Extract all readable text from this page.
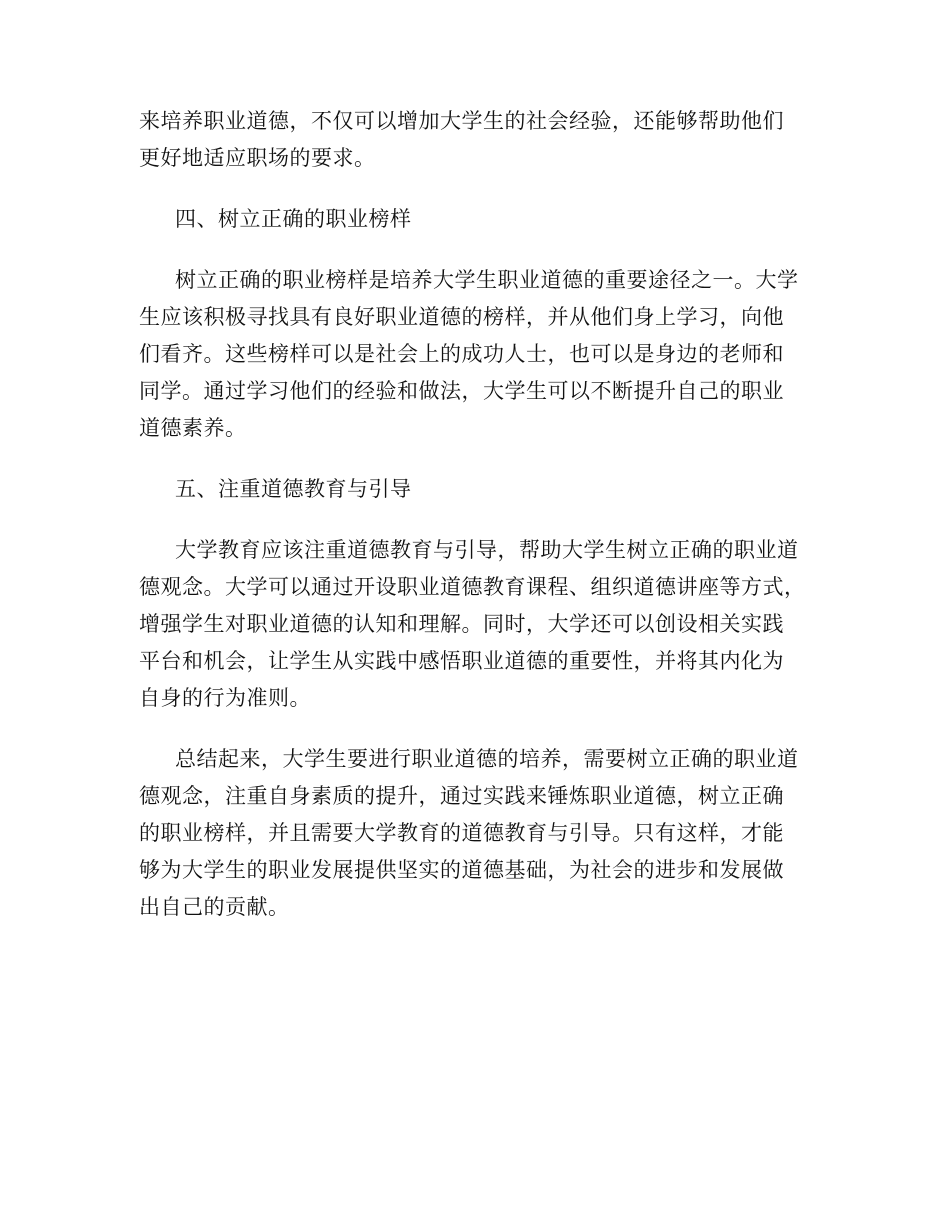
来培养职业道德，不仅可以增加大学生的社会经验，还能够帮助他们
更好地适应职场的要求。

四、树立正确的职业榜样

树立正确的职业榜样是培养大学生职业道德的重要途径之一。大学
生应该积极寻找具有良好职业道德的榜样，并从他们身上学习，向他
们看齐。这些榜样可以是社会上的成功人士，也可以是身边的老师和
同学。通过学习他们的经验和做法，大学生可以不断提升自己的职业
道德素养。

五、注重道德教育与引导

大学教育应该注重道德教育与引导，帮助大学生树立正确的职业道
德观念。大学可以通过开设职业道德教育课程、组织道德讲座等方式，
增强学生对职业道德的认知和理解。同时，大学还可以创设相关实践
平台和机会，让学生从实践中感悟职业道德的重要性，并将其内化为
自身的行为准则。

总结起来，大学生要进行职业道德的培养，需要树立正确的职业道
德观念，注重自身素质的提升，通过实践来锤炼职业道德，树立正确
的职业榜样，并且需要大学教育的道德教育与引导。只有这样，才能
够为大学生的职业发展提供坚实的道德基础，为社会的进步和发展做
出自己的贡献。
